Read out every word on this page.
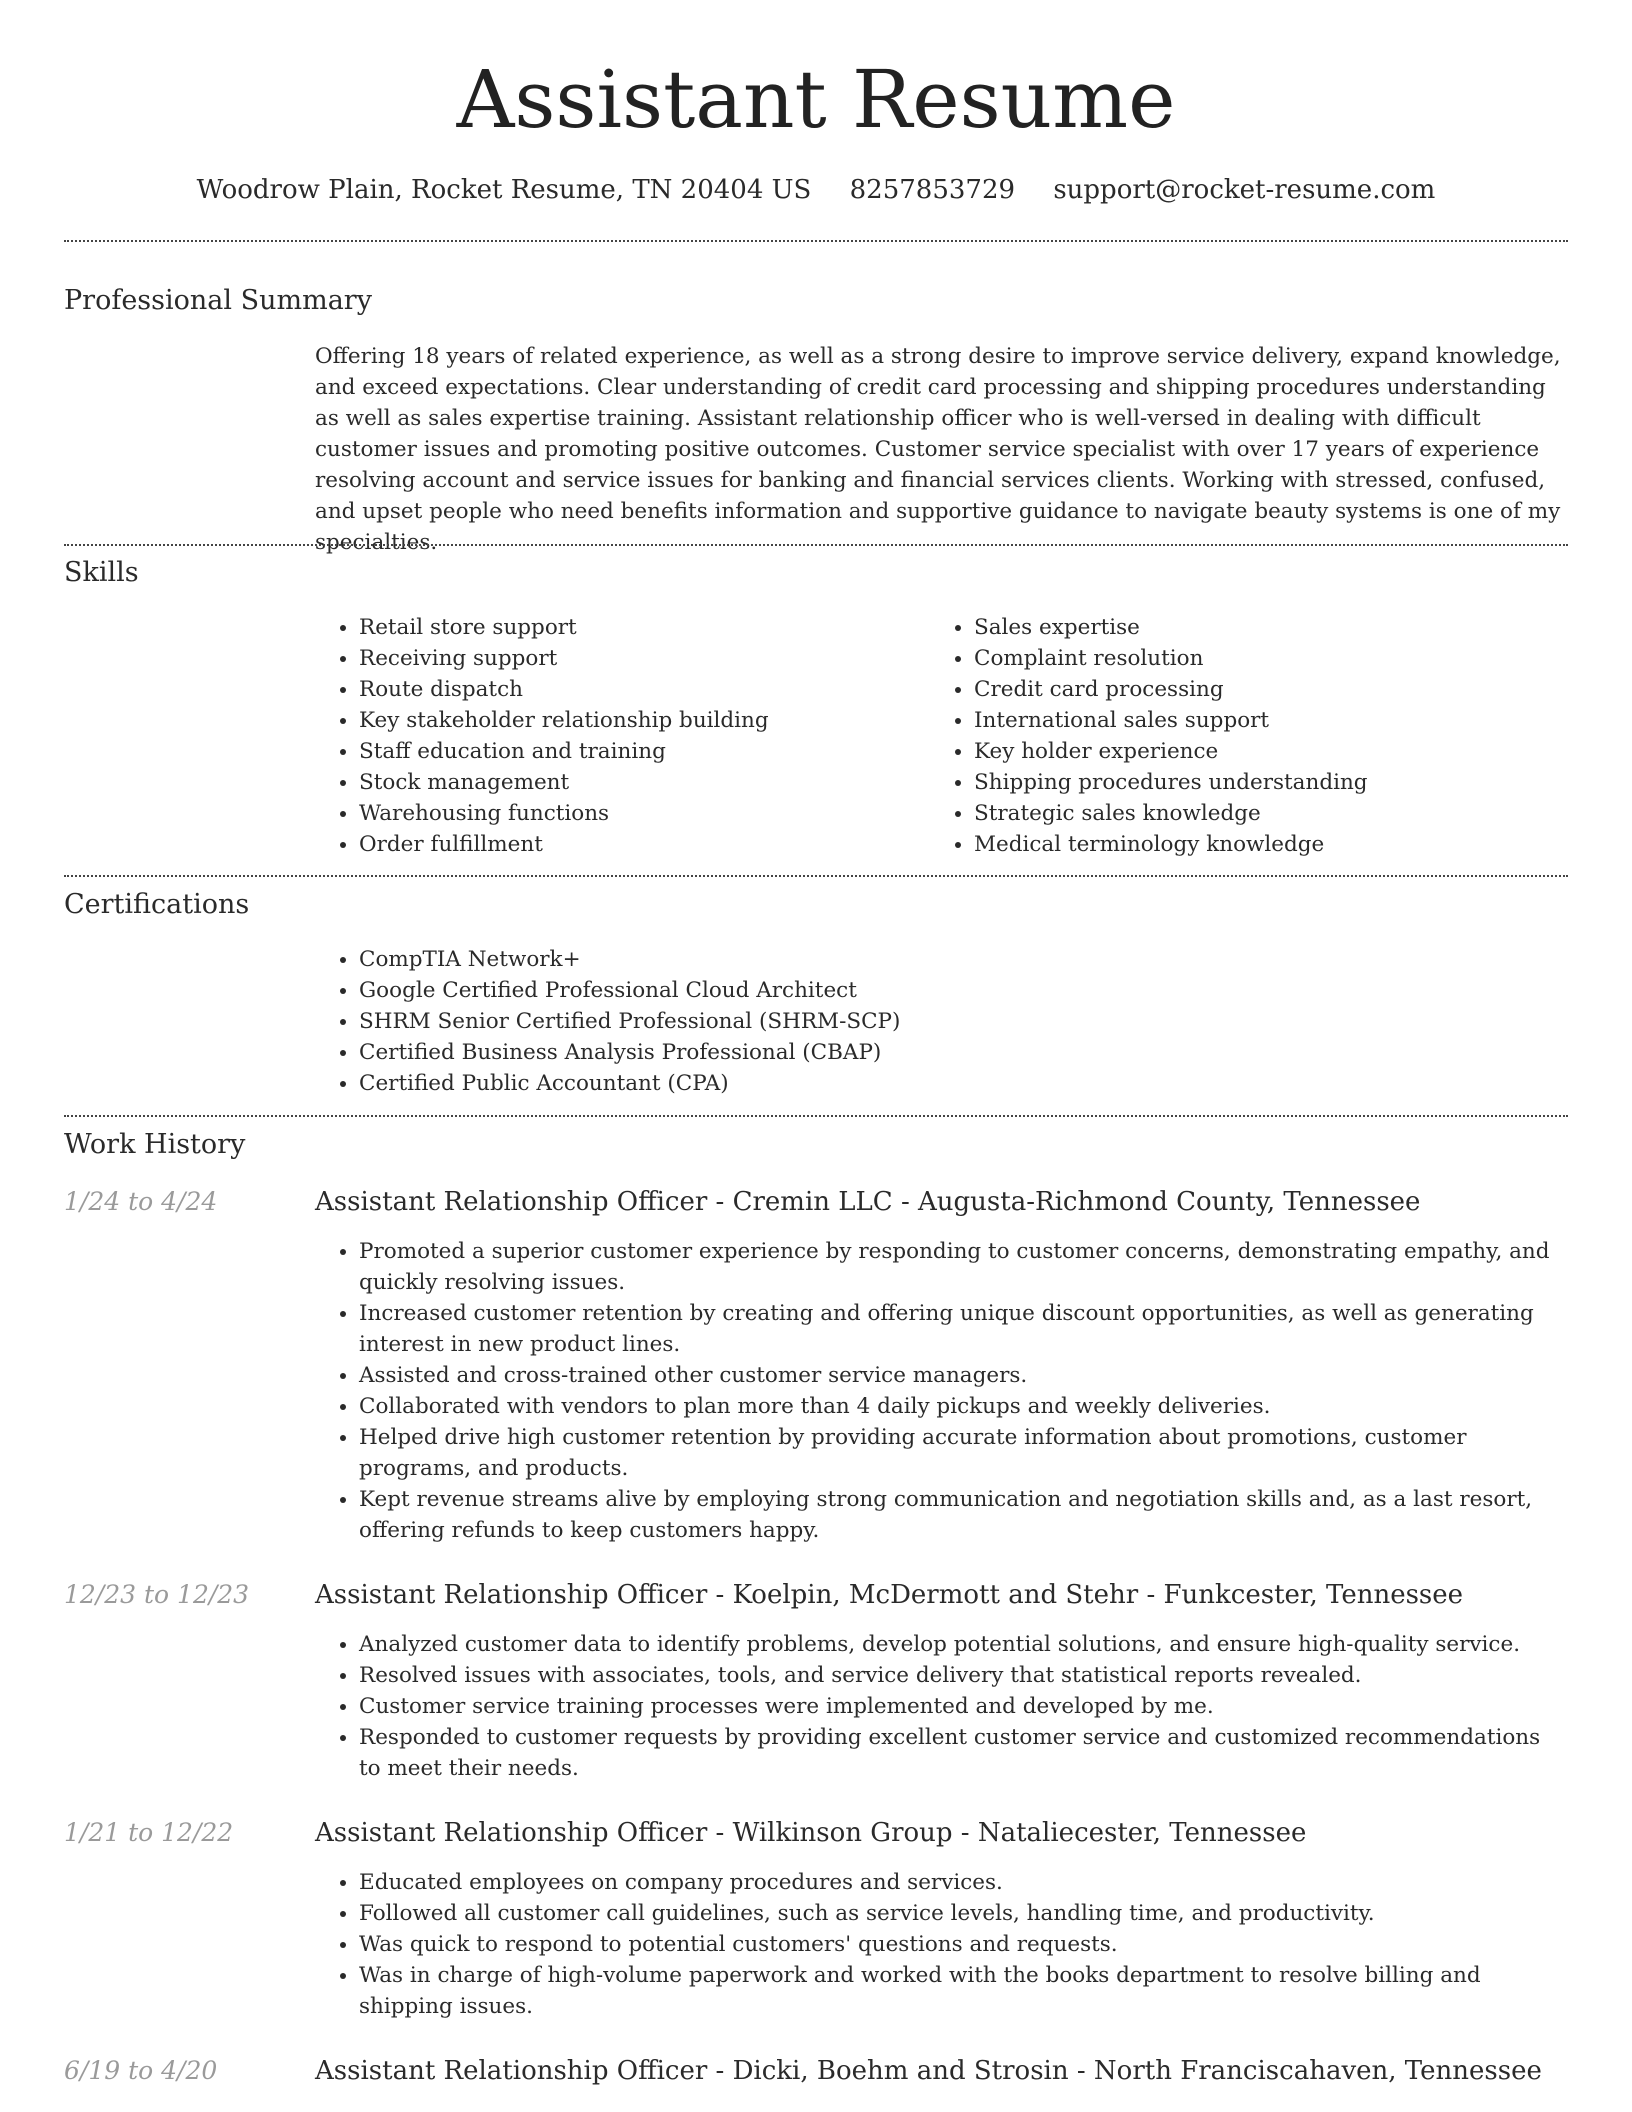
Assistant Resume
Woodrow Plain, Rocket Resume, TN 20404 US 8257853729 support@rocket-resume.com
Professional Summary

Offering 18 years of related experience, as well as a strong desire to improve service delivery, expand knowledge, and exceed expectations. Clear understanding of credit card processing and shipping procedures understanding as well as sales expertise training. Assistant relationship officer who is well-versed in dealing with difficult customer issues and promoting positive outcomes. Customer service specialist with over 17 years of experience resolving account and service issues for banking and financial services clients. Working with stressed, confused, and upset people who need benefits information and supportive guidance to navigate beauty systems is one of my specialties.

Skills
• Retail store support
• Receiving support
• Route dispatch
• Key stakeholder relationship building
• Staff education and training
• Stock management
• Warehousing functions
• Order fulfillment
• Sales expertise
• Complaint resolution
• Credit card processing
• International sales support
• Key holder experience
• Shipping procedures understanding
• Strategic sales knowledge
• Medical terminology knowledge
Certifications
• CompTIA Network+
• Google Certified Professional Cloud Architect
• SHRM Senior Certified Professional (SHRM-SCP)
• Certified Business Analysis Professional (CBAP)
• Certified Public Accountant (CPA)
Work History
1/24 to 4/24	Assistant Relationship Officer - Cremin LLC - Augusta-Richmond County, Tennessee
• Promoted a superior customer experience by responding to customer concerns, demonstrating empathy, and quickly resolving issues.
• Increased customer retention by creating and offering unique discount opportunities, as well as generating interest in new product lines.
• Assisted and cross-trained other customer service managers.
• Collaborated with vendors to plan more than 4 daily pickups and weekly deliveries.
• Helped drive high customer retention by providing accurate information about promotions, customer programs, and products.
• Kept revenue streams alive by employing strong communication and negotiation skills and, as a last resort, offering refunds to keep customers happy.
12/23 to 12/23	Assistant Relationship Officer - Koelpin, McDermott and Stehr - Funkcester, Tennessee
• Analyzed customer data to identify problems, develop potential solutions, and ensure high-quality service.
• Resolved issues with associates, tools, and service delivery that statistical reports revealed.
• Customer service training processes were implemented and developed by me.
• Responded to customer requests by providing excellent customer service and customized recommendations to meet their needs.
1/21 to 12/22	Assistant Relationship Officer - Wilkinson Group - Nataliecester, Tennessee
• Educated employees on company procedures and services.
• Followed all customer call guidelines, such as service levels, handling time, and productivity.
• Was quick to respond to potential customers' questions and requests.
• Was in charge of high-volume paperwork and worked with the books department to resolve billing and shipping issues.
6/19 to 4/20	Assistant Relationship Officer - Dicki, Boehm and Strosin - North Franciscahaven, Tennessee
